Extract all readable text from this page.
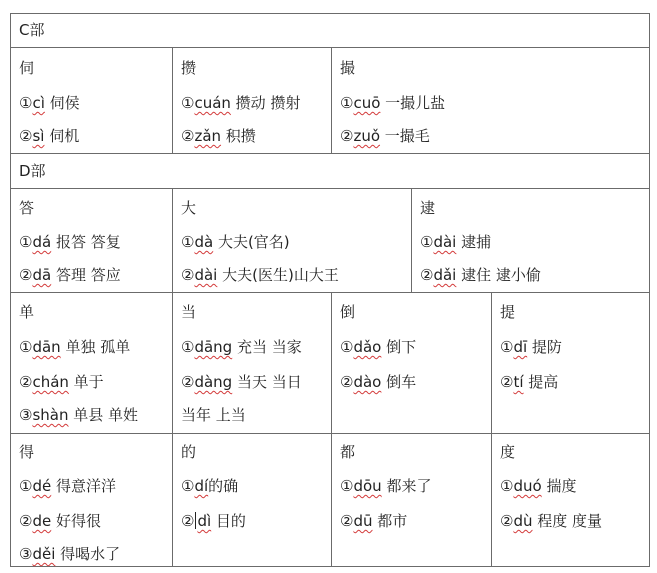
C部
伺
①cì 伺侯
②sì 伺机
攒
①cuán 攒动 攒射
②zǎn 积攒
撮
①cuō 一撮儿盐
②zuǒ 一撮毛
D部
答
①dá 报答 答复
②dā 答理 答应
大
①dà 大夫(官名)
②dài 大夫(医生)山大王
逮
①dài 逮捕
②dǎi 逮住 逮小偷
单
①dān 单独 孤单
②chán 单于
③shàn 单县 单姓
当
①dāng 充当 当家
②dàng 当天 当日
当年 上当
倒
①dǎo 倒下
②dào 倒车
提
①dī 提防
②tí 提高
得
①dé 得意洋洋
②de 好得很
③děi 得喝水了
的
①dí的确
② dì 目的
都
①dōu 都来了
②dū 都市
度
①duó 揣度
②dù 程度 度量
